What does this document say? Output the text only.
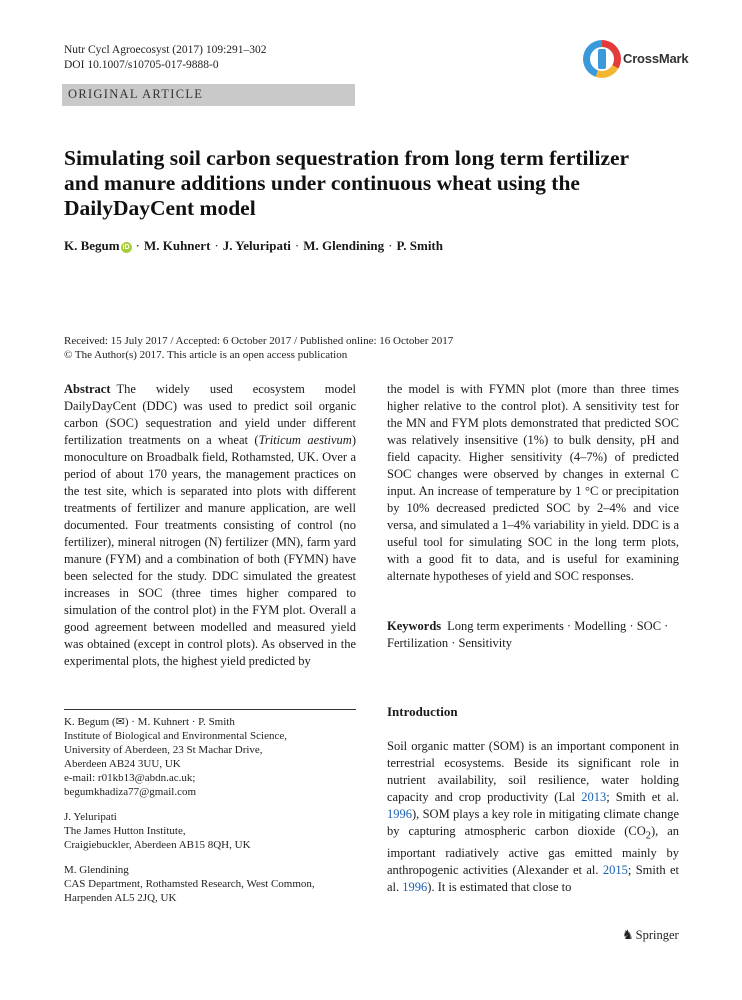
Nutr Cycl Agroecosyst (2017) 109:291–302
DOI 10.1007/s10705-017-9888-0	CrossMark
ORIGINAL ARTICLE
Simulating soil carbon sequestration from long term fertilizer and manure additions under continuous wheat using the DailyDayCent model
K. Begum iD · M. Kuhnert · J. Yeluripati · M. Glendining · P. Smith
Received: 15 July 2017 / Accepted: 6 October 2017 / Published online: 16 October 2017
© The Author(s) 2017. This article is an open access publication

Abstract The widely used ecosystem model DailyDayCent (DDC) was used to predict soil organic carbon (SOC) sequestration and yield under different fertilization treatments on a wheat (Triticum aestivum) monoculture on Broadbalk field, Rothamsted, UK. Over a period of about 170 years, the management practices on the test site, which is separated into plots with different treatments of fertilizer and manure application, are well documented. Four treatments consisting of control (no fertilizer), mineral nitrogen (N) fertilizer (MN), farm yard manure (FYM) and a combination of both (FYMN) have been selected for the study. DDC simulated the greatest increases in SOC (three times higher compared to simulation of the control plot) in the FYM plot. Overall a good agreement between modelled and measured yield was obtained (except in control plots). As observed in the experimental plots, the highest yield predicted by

the model is with FYMN plot (more than three times higher relative to the control plot). A sensitivity test for the MN and FYM plots demonstrated that predicted SOC was relatively insensitive (1%) to bulk density, pH and field capacity. Higher sensitivity (4–7%) of predicted SOC changes were observed by changes in external C input. An increase of temperature by 1 °C or precipitation by 10% decreased predicted SOC by 2–4% and vice versa, and simulated a 1–4% variability in yield. DDC is a useful tool for simulating SOC in the long term plots, with a good fit to data, and is useful for examining alternate hypotheses of yield and SOC responses.

Keywords Long term experiments · Modelling · SOC · Fertilization · Sensitivity

K. Begum (✉) · M. Kuhnert · P. Smith

Institute of Biological and Environmental Science,

University of Aberdeen, 23 St Machar Drive,

Aberdeen AB24 3UU, UK

e-mail: r01kb13@abdn.ac.uk;

begumkhadiza77@gmail.com

J. Yeluripati

The James Hutton Institute,

Craigiebuckler, Aberdeen AB15 8QH, UK

M. Glendining

CAS Department, Rothamsted Research, West Common,

Harpenden AL5 2JQ, UK

Introduction

Soil organic matter (SOM) is an important component in terrestrial ecosystems. Beside its significant role in nutrient availability, soil resilience, water holding capacity and crop productivity (Lal 2013; Smith et al. 1996), SOM plays a key role in mitigating climate change by capturing atmospheric carbon dioxide $(CO_2)$, an important radiatively active gas emitted mainly by anthropogenic activities (Alexander et al. 2015; Smith et al. 1996). It is estimated that close to

♞ Springer
